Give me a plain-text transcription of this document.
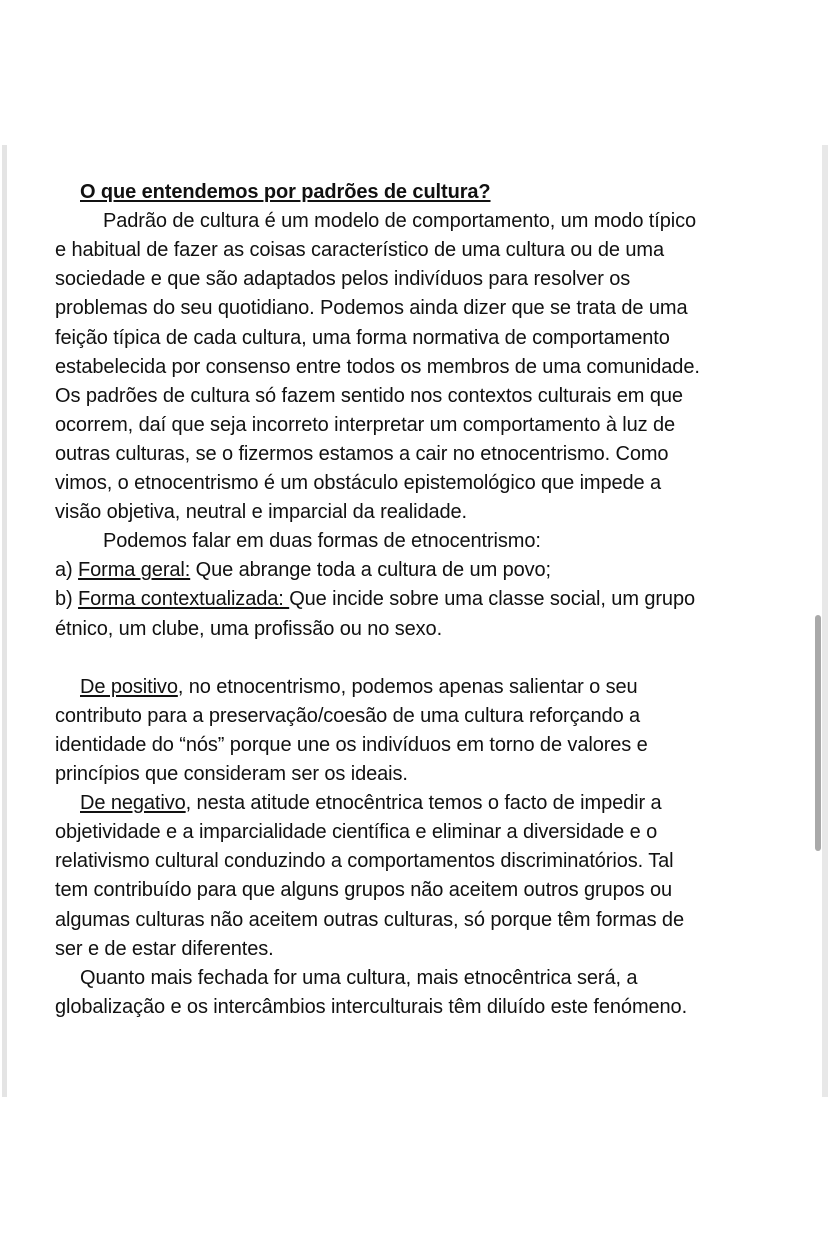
O que entendemos por padrões de cultura?
Padrão de cultura é um modelo de comportamento, um modo típico
e habitual de fazer as coisas característico de uma cultura ou de uma
sociedade e que são adaptados pelos indivíduos para resolver os
problemas do seu quotidiano. Podemos ainda dizer que se trata de uma
feição típica de cada cultura, uma forma normativa de comportamento
estabelecida por consenso entre todos os membros de uma comunidade.
Os padrões de cultura só fazem sentido nos contextos culturais em que
ocorrem, daí que seja incorreto interpretar um comportamento à luz de
outras culturas, se o fizermos estamos a cair no etnocentrismo. Como
vimos, o etnocentrismo é um obstáculo epistemológico que impede a
visão objetiva, neutral e imparcial da realidade.
Podemos falar em duas formas de etnocentrismo:
a) Forma geral: Que abrange toda a cultura de um povo;
b) Forma contextualizada: Que incide sobre uma classe social, um grupo
étnico, um clube, uma profissão ou no sexo.
De positivo, no etnocentrismo, podemos apenas salientar o seu
contributo para a preservação/coesão de uma cultura reforçando a
identidade do “nós” porque une os indivíduos em torno de valores e
princípios que consideram ser os ideais.
De negativo, nesta atitude etnocêntrica temos o facto de impedir a
objetividade e a imparcialidade científica e eliminar a diversidade e o
relativismo cultural conduzindo a comportamentos discriminatórios. Tal
tem contribuído para que alguns grupos não aceitem outros grupos ou
algumas culturas não aceitem outras culturas, só porque têm formas de
ser e de estar diferentes.
Quanto mais fechada for uma cultura, mais etnocêntrica será, a
globalização e os intercâmbios interculturais têm diluído este fenómeno.
